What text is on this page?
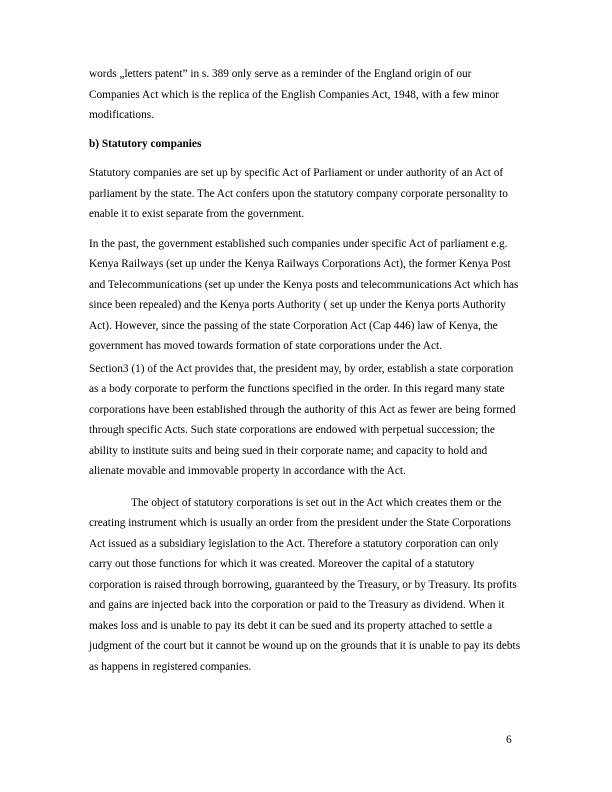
words „letters patent” in s. 389 only serve as a reminder of the England origin of our Companies Act which is the replica of the English Companies Act, 1948, with a few minor modifications.

b) Statutory companies

Statutory companies are set up by specific Act of Parliament or under authority of an Act of parliament by the state. The Act confers upon the statutory company corporate personality to enable it to exist separate from the government.

In the past, the government established such companies under specific Act of parliament e.g. Kenya Railways (set up under the Kenya Railways Corporations Act), the former Kenya Post and Telecommunications (set up under the Kenya posts and telecommunications Act which has since been repealed) and the Kenya ports Authority ( set up under the Kenya ports Authority Act). However, since the passing of the state Corporation Act (Cap 446) law of Kenya, the government has moved towards formation of state corporations under the Act.

Section3 (1) of the Act provides that, the president may, by order, establish a state corporation as a body corporate to perform the functions specified in the order. In this regard many state corporations have been established through the authority of this Act as fewer are being formed through specific Acts. Such state corporations are endowed with perpetual succession; the ability to institute suits and being sued in their corporate name; and capacity to hold and alienate movable and immovable property in accordance with the Act.

The object of statutory corporations is set out in the Act which creates them or the creating instrument which is usually an order from the president under the State Corporations Act issued as a subsidiary legislation to the Act. Therefore a statutory corporation can only carry out those functions for which it was created. Moreover the capital of a statutory corporation is raised through borrowing, guaranteed by the Treasury, or by Treasury. Its profits and gains are injected back into the corporation or paid to the Treasury as dividend. When it makes loss and is unable to pay its debt it can be sued and its property attached to settle a judgment of the court but it cannot be wound up on the grounds that it is unable to pay its debts as happens in registered companies.

6
